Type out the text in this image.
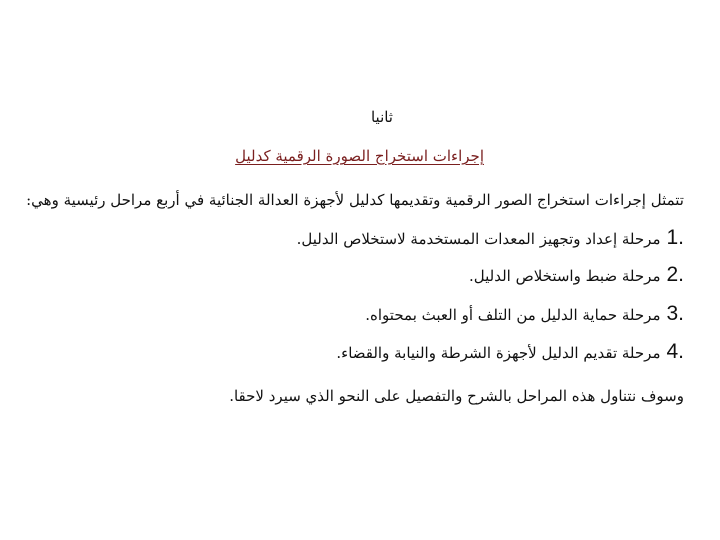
ثانيا
إجراءات استخراج الصورة الرقمية كدليل
تتمثل إجراءات استخراج الصور الرقمية وتقديمها كدليل لأجهزة العدالة الجنائية في أربع مراحل رئيسية وهي:
1.
مرحلة إعداد وتجهيز المعدات المستخدمة لاستخلاص الدليل.
2.
مرحلة ضبط واستخلاص الدليل.
3.
مرحلة حماية الدليل من التلف أو العبث بمحتواه.
4.
مرحلة تقديم الدليل لأجهزة الشرطة والنيابة والقضاء.
وسوف نتناول هذه المراحل بالشرح والتفصيل على النحو الذي سيرد لاحقا.
